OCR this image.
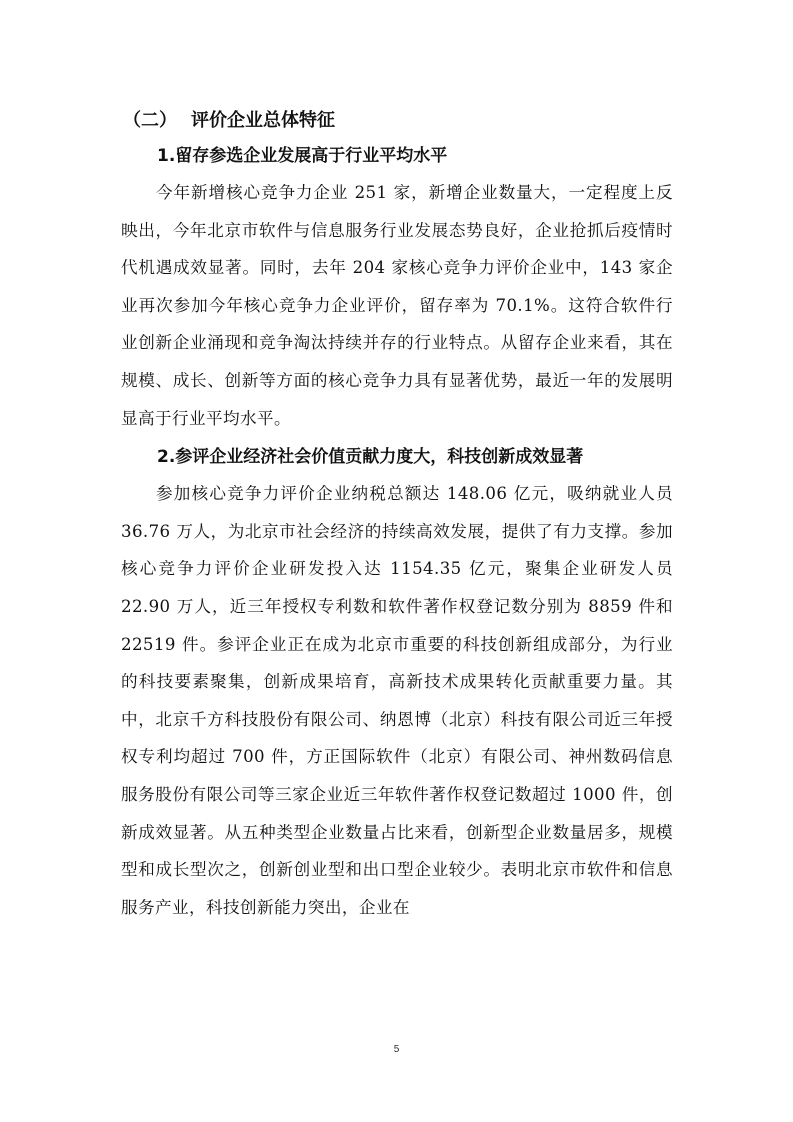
（二） 评价企业总体特征
1.留存参选企业发展高于行业平均水平

今年新增核心竞争力企业 251 家，新增企业数量大，一定程度上反映出，今年北京市软件与信息服务行业发展态势良好，企业抢抓后疫情时代机遇成效显著。同时，去年 204 家核心竞争力评价企业中，143 家企业再次参加今年核心竞争力企业评价，留存率为 70.1%。这符合软件行业创新企业涌现和竞争淘汰持续并存的行业特点。从留存企业来看，其在规模、成长、创新等方面的核心竞争力具有显著优势，最近一年的发展明显高于行业平均水平。

2.参评企业经济社会价值贡献力度大，科技创新成效显著

参加核心竞争力评价企业纳税总额达 148.06 亿元，吸纳就业人员 36.76 万人，为北京市社会经济的持续高效发展，提供了有力支撑。参加核心竞争力评价企业研发投入达 1154.35 亿元，聚集企业研发人员 22.90 万人，近三年授权专利数和软件著作权登记数分别为 8859 件和 22519 件。参评企业正在成为北京市重要的科技创新组成部分，为行业的科技要素聚集，创新成果培育，高新技术成果转化贡献重要力量。其中，北京千方科技股份有限公司、纳恩博（北京）科技有限公司近三年授权专利均超过 700 件，方正国际软件（北京）有限公司、神州数码信息服务股份有限公司等三家企业近三年软件著作权登记数超过 1000 件，创新成效显著。从五种类型企业数量占比来看，创新型企业数量居多，规模型和成长型次之，创新创业型和出口型企业较少。表明北京市软件和信息服务产业，科技创新能力突出，企业在

5
